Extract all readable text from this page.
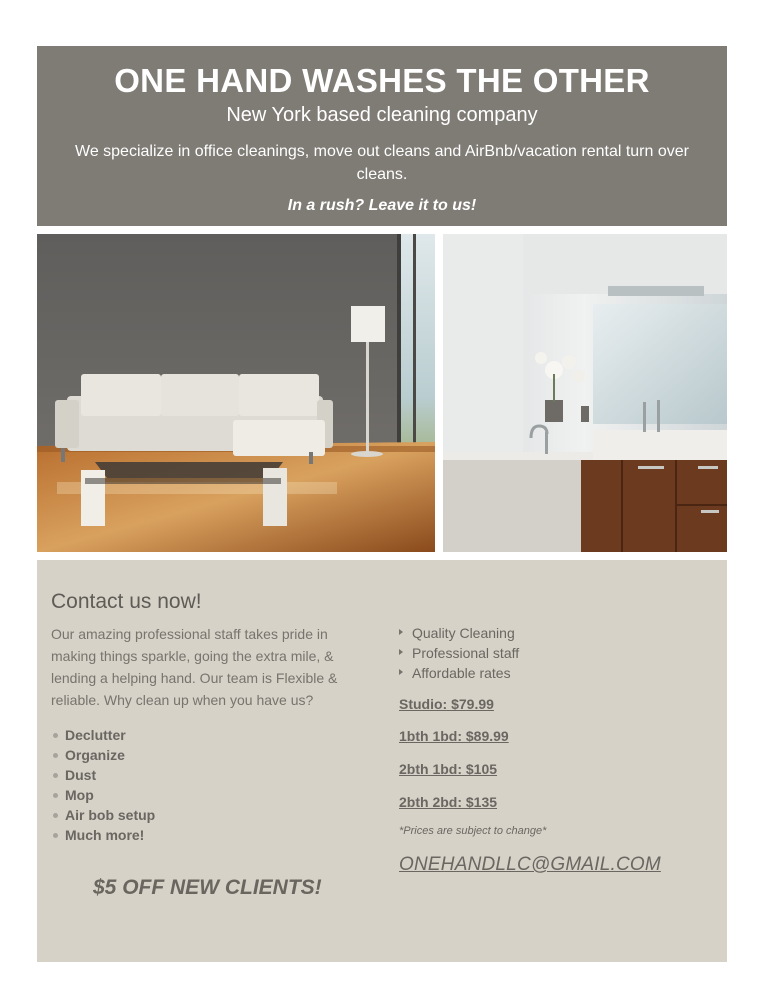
ONE HAND WASHES THE OTHER
New York based cleaning company
We specialize in office cleanings, move out cleans and AirBnb/vacation rental turn over cleans.
In a rush? Leave it to us!
Contact us now!

Our amazing professional staff takes pride in making things sparkle, going the extra mile, & lending a helping hand. Our team is Flexible & reliable. Why clean up when you have us?

Declutter
Organize
Dust
Mop
Air bob setup
Much more!
$5 OFF NEW CLIENTS!
Quality Cleaning
Professional staff
Affordable rates
Studio: $79.99
1bth 1bd: $89.99
2bth 1bd: $105
2bth 2bd: $135
*Prices are subject to change*
ONEHANDLLC@GMAIL.COM
